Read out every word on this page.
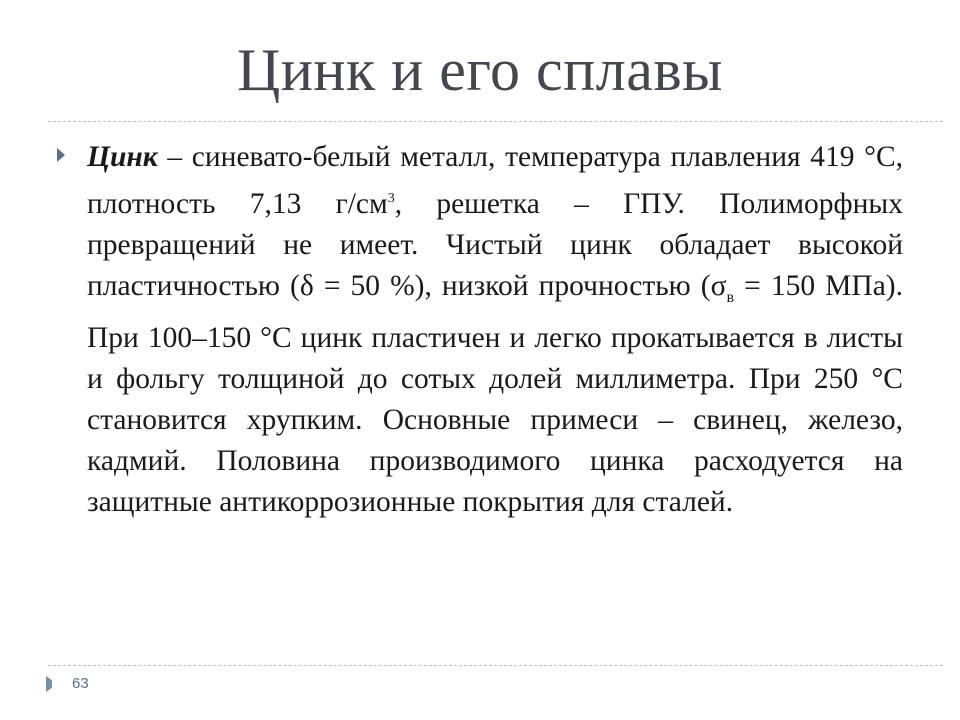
Цинк и его сплавы
Цинк – синевато-белый металл, температура плавления 419 °С, плотность 7,13 $г/см^3$, решетка – ГПУ. Полиморфных превращений не имеет. Чистый цинк обладает высокой пластичностью (δ = 50 %), низкой прочностью ($\sigma_в = 150$ МПа). При 100–150 °С цинк пластичен и легко прокатывается в листы и фольгу толщиной до сотых долей миллиметра. При 250 °С становится хрупким. Основные примеси – свинец, железо, кадмий. Половина производимого цинка расходуется на защитные антикоррозионные покрытия для сталей.
63
